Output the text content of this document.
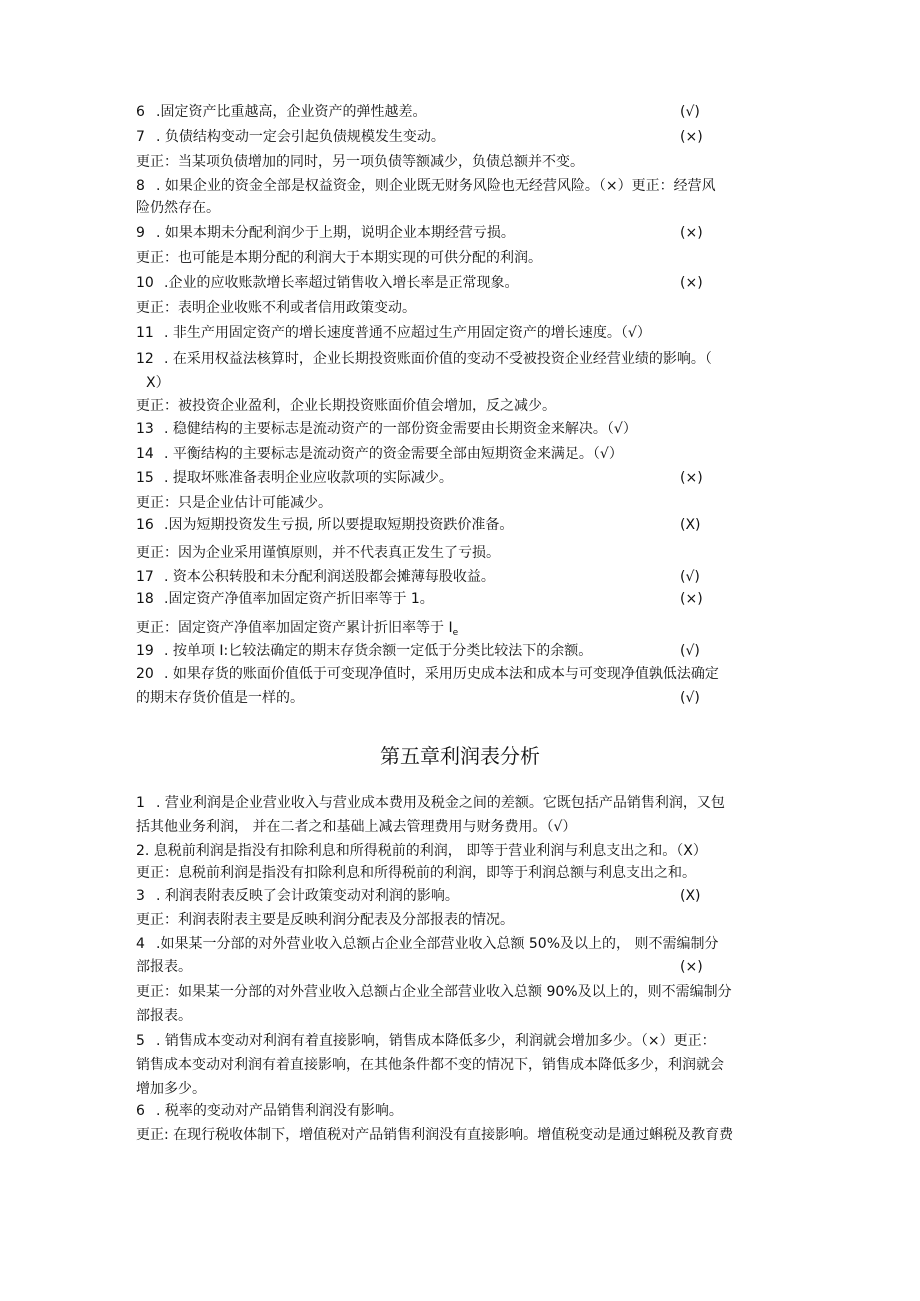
6 .固定资产比重越高，企业资产的弹性越差。	(√)
7 . 负债结构变动一定会引起负债规模发生变动。	(×)
更正：当某项负债增加的同时，另一项负债等额减少，负债总额并不变。
8 . 如果企业的资金全部是权益资金，则企业既无财务风险也无经营风险。（×）更正：经营风
险仍然存在。
9 . 如果本期未分配利润少于上期，说明企业本期经营亏损。	(×)
更正：也可能是本期分配的利润大于本期实现的可供分配的利润。
10 .企业的应收账款增长率超过销售收入增长率是正常现象。	(×)
更正：表明企业收账不利或者信用政策变动。
11 . 非生产用固定资产的增长速度普通不应超过生产用固定资产的增长速度。（√）
12 . 在采用权益法核算时，企业长期投资账面价值的变动不受被投资企业经营业绩的影响。（
X）
更正：被投资企业盈利，企业长期投资账面价值会增加，反之减少。
13 . 稳健结构的主要标志是流动资产的一部份资金需要由长期资金来解决。（√）
14 . 平衡结构的主要标志是流动资产的资金需要全部由短期资金来满足。（√）
15 . 提取坏账准备表明企业应收款项的实际减少。	(×)
更正：只是企业估计可能减少。
16 .因为短期投资发生亏损, 所以要提取短期投资跌价准备。	(X)
更正：因为企业采用谨慎原则，并不代表真正发生了亏损。
17 . 资本公积转股和未分配利润送股都会摊薄每股收益。	(√)
18 .固定资产净值率加固定资产折旧率等于 1。	(×)
更正：固定资产净值率加固定资产累计折旧率等于 $I_e$
19 . 按单项 I:匕较法确定的期末存货余额一定低于分类比较法下的余额。	(√)
20 . 如果存货的账面价值低于可变现净值时，采用历史成本法和成本与可变现净值孰低法确定
的期末存货价值是一样的。	(√)
第五章利润表分析
1 . 营业利润是企业营业收入与营业成本费用及税金之间的差额。它既包括产品销售利润，又包
括其他业务利润， 并在二者之和基础上减去管理费用与财务费用。（√）
2. 息税前利润是指没有扣除利息和所得税前的利润， 即等于营业利润与利息支出之和。（X）
更正：息税前利润是指没有扣除利息和所得税前的利润，即等于利润总额与利息支出之和。
3 . 利润表附表反映了会计政策变动对利润的影响。	(X)
更正：利润表附表主要是反映利润分配表及分部报表的情况。
4 .如果某一分部的对外营业收入总额占企业全部营业收入总额 50%及以上的， 则不需编制分
部报表。	(×)
更正：如果某一分部的对外营业收入总额占企业全部营业收入总额 90%及以上的，则不需编制分
部报表。
5 . 销售成本变动对利润有着直接影响，销售成本降低多少，利润就会增加多少。（×）更正：
销售成本变动对利润有着直接影响，在其他条件都不变的情况下，销售成本降低多少，利润就会
增加多少。
6 . 税率的变动对产品销售利润没有影响。
更正: 在现行税收体制下，增值税对产品销售利润没有直接影响。增值税变动是通过蝌税及教育费
